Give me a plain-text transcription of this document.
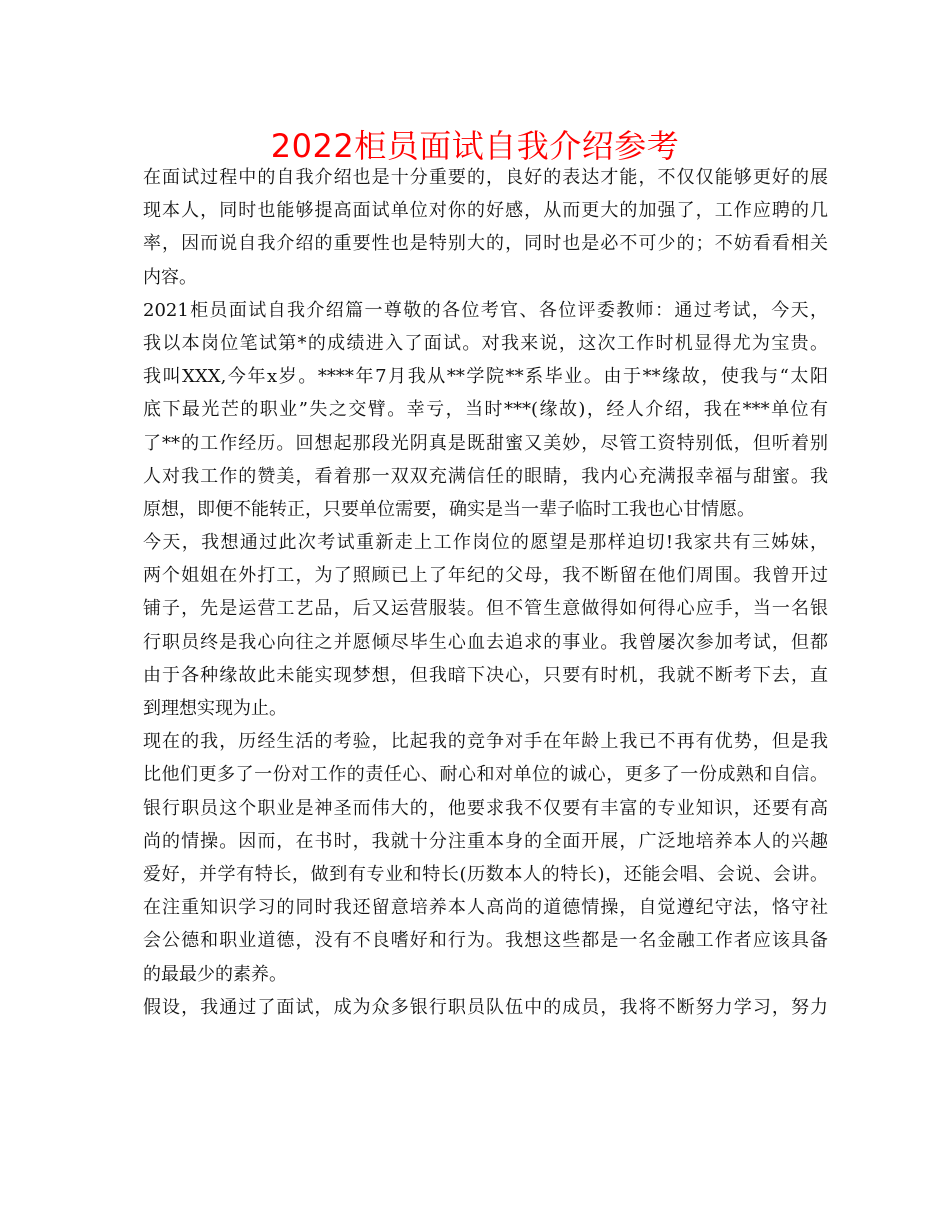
2022柜员面试自我介绍参考
在面试过程中的自我介绍也是十分重要的，良好的表达才能，不仅仅能够更好的展
现本人，同时也能够提高面试单位对你的好感，从而更大的加强了，工作应聘的几
率，因而说自我介绍的重要性也是特别大的，同时也是必不可少的；不妨看看相关
内容。
2021柜员面试自我介绍篇一尊敬的各位考官、各位评委教师：通过考试，今天，
我以本岗位笔试第*的成绩进入了面试。对我来说，这次工作时机显得尤为宝贵。
我叫XXX,今年x岁。****年7月我从**学院**系毕业。由于**缘故，使我与“太阳
底下最光芒的职业”失之交臂。幸亏，当时***(缘故)，经人介绍，我在***单位有
了**的工作经历。回想起那段光阴真是既甜蜜又美妙，尽管工资特别低，但听着别
人对我工作的赞美，看着那一双双充满信任的眼睛，我内心充满报幸福与甜蜜。我
原想，即便不能转正，只要单位需要，确实是当一辈子临时工我也心甘情愿。
今天，我想通过此次考试重新走上工作岗位的愿望是那样迫切!我家共有三姊妹，
两个姐姐在外打工，为了照顾已上了年纪的父母，我不断留在他们周围。我曾开过
铺子，先是运营工艺品，后又运营服装。但不管生意做得如何得心应手，当一名银
行职员终是我心向往之并愿倾尽毕生心血去追求的事业。我曾屡次参加考试，但都
由于各种缘故此未能实现梦想，但我暗下决心，只要有时机，我就不断考下去，直
到理想实现为止。
现在的我，历经生活的考验，比起我的竞争对手在年龄上我已不再有优势，但是我
比他们更多了一份对工作的责任心、耐心和对单位的诚心，更多了一份成熟和自信。
银行职员这个职业是神圣而伟大的，他要求我不仅要有丰富的专业知识，还要有高
尚的情操。因而，在书时，我就十分注重本身的全面开展，广泛地培养本人的兴趣
爱好，并学有特长，做到有专业和特长(历数本人的特长)，还能会唱、会说、会讲。
在注重知识学习的同时我还留意培养本人高尚的道德情操，自觉遵纪守法，恪守社
会公德和职业道德，没有不良嗜好和行为。我想这些都是一名金融工作者应该具备
的最最少的素养。
假设，我通过了面试，成为众多银行职员队伍中的成员，我将不断努力学习，努力
